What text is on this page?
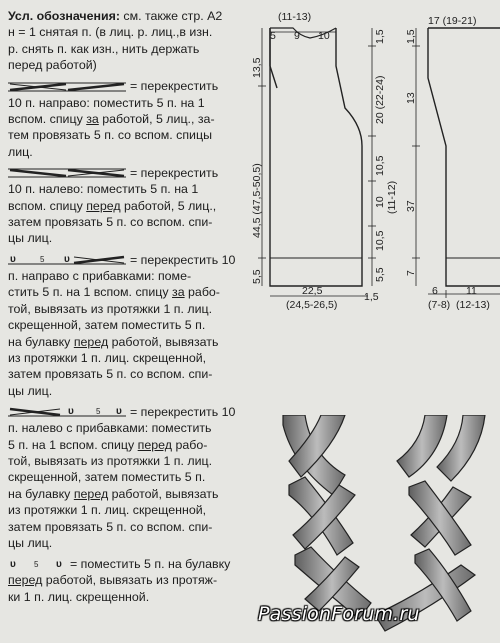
Усл. обозначения: см. также стр. А2
н = 1 снятая п. (в лиц. р. лиц.,в изн.
р. снять п. как изн., нить держать
перед работой)
= перекрестить
10 п. направо: поместить 5 п. на 1
вспом. спицу за работой, 5 лиц., за-
тем провязать 5 п. со вспом. спицы
лиц.
= перекрестить
10 п. налево: поместить 5 п. на 1
вспом. спицу перед работой, 5 лиц.,
затем провязать 5 п. со вспом. спи-
цы лиц.
υ	5 υ	= перекрестить 10
п. направо с прибавками: поме-
стить 5 п. на 1 вспом. спицу за рабо-
той, вывязать из протяжки 1 п. лиц.
скрещенной, затем поместить 5 п.
на булавку перед работой, вывязать
из протяжки 1 п. лиц. скрещенной,
затем провязать 5 п. со вспом. спи-
цы лиц.
υ	5 υ = перекрестить 10
п. налево с прибавками: поместить
5 п. на 1 вспом. спицу перед рабо-
той, вывязать из протяжки 1 п. лиц.
скрещенной, затем поместить 5 п.
на булавку перед работой, вывязать
из протяжки 1 п. лиц. скрещенной,
затем провязать 5 п. со вспом. спи-
цы лиц.
υ 5 υ = поместить 5 п. на булавку
перед работой, вывязать из протяж-
ки 1 п. лиц. скрещенной.
(11-13)
5 9 10
13,5
44,5 (47,5-50,5)
5,5
1,5
20 (22-24)
10,5
10 (11-12)
10,5
5,5
22,5
(24,5-26,5)
1,5
17 (19-21)
1,5
13
37
7
6
(7-8)
11
(12-13)
PassionForum.ru
